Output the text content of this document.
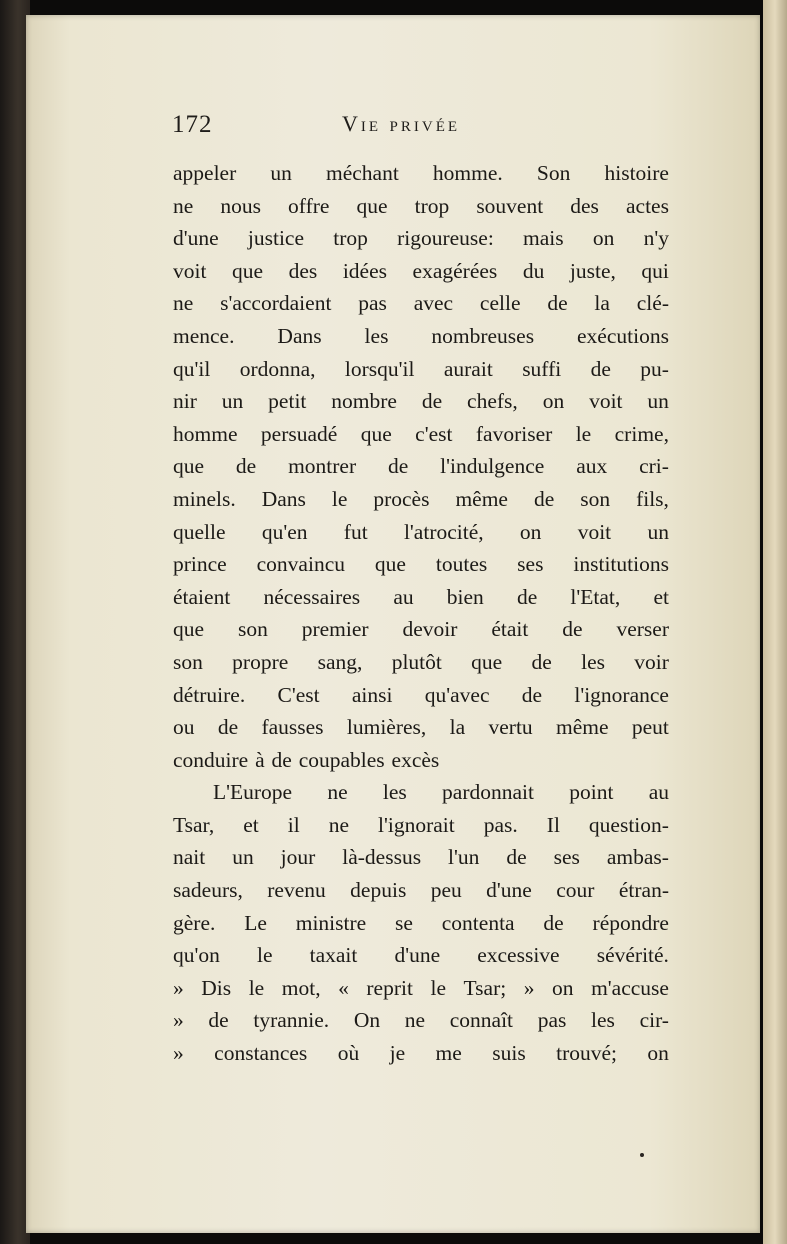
172	Vie privée
appeler un méchant homme. Son histoire
ne nous offre que trop souvent des actes
d'une justice trop rigoureuse: mais on n'y
voit que des idées exagérées du juste, qui
ne s'accordaient pas avec celle de la clé-
mence. Dans les nombreuses exécutions
qu'il ordonna, lorsqu'il aurait suffi de pu-
nir un petit nombre de chefs, on voit un
homme persuadé que c'est favoriser le crime,
que de montrer de l'indulgence aux cri-
minels. Dans le procès même de son fils,
quelle qu'en fut l'atrocité, on voit un
prince convaincu que toutes ses institutions
étaient nécessaires au bien de l'Etat, et
que son premier devoir était de verser
son propre sang, plutôt que de les voir
détruire. C'est ainsi qu'avec de l'ignorance
ou de fausses lumières, la vertu même peut
conduire à de coupables excès
L'Europe ne les pardonnait point au
Tsar, et il ne l'ignorait pas. Il question-
nait un jour là-dessus l'un de ses ambas-
sadeurs, revenu depuis peu d'une cour étran-
gère. Le ministre se contenta de répondre
qu'on le taxait d'une excessive sévérité.
» Dis le mot, « reprit le Tsar; » on m'accuse
» de tyrannie. On ne connaît pas les cir-
» constances où je me suis trouvé; on
